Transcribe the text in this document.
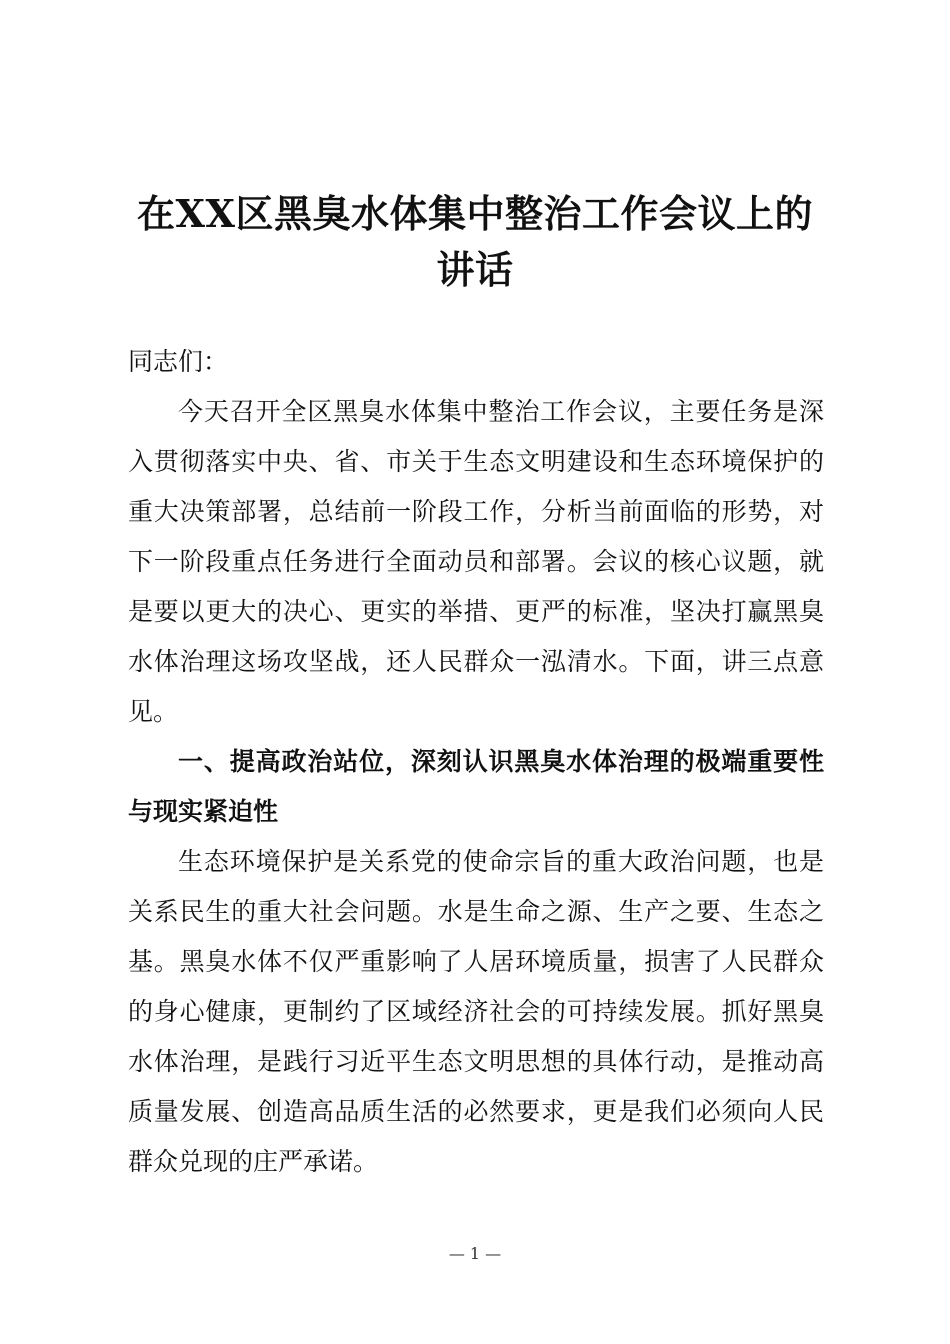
在XX区黑臭水体集中整治工作会议上的
讲话

同志们：

今天召开全区黑臭水体集中整治工作会议，主要任务是深入贯彻落实中央、省、市关于生态文明建设和生态环境保护的重大决策部署，总结前一阶段工作，分析当前面临的形势，对下一阶段重点任务进行全面动员和部署。会议的核心议题，就是要以更大的决心、更实的举措、更严的标准，坚决打赢黑臭水体治理这场攻坚战，还人民群众一泓清水。下面，讲三点意见。

一、提高政治站位，深刻认识黑臭水体治理的极端重要性与现实紧迫性

生态环境保护是关系党的使命宗旨的重大政治问题，也是关系民生的重大社会问题。水是生命之源、生产之要、生态之基。黑臭水体不仅严重影响了人居环境质量，损害了人民群众的身心健康，更制约了区域经济社会的可持续发展。抓好黑臭水体治理，是践行习近平生态文明思想的具体行动，是推动高质量发展、创造高品质生活的必然要求，更是我们必须向人民群众兑现的庄严承诺。

— 1 —
